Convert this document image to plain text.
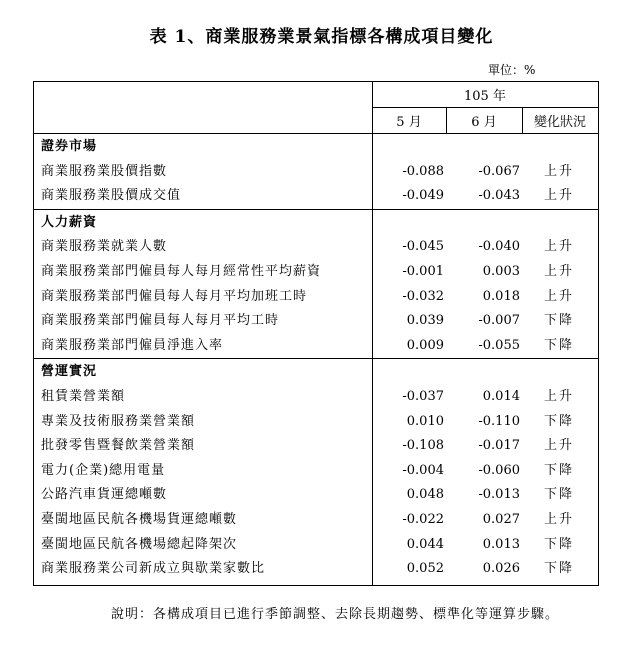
表 1、商業服務業景氣指標各構成項目變化
單位：%
105 年
5 月	6 月	變化狀況
證券市場
商業服務業股價指數	-0.088	-0.067	上升
商業服務業股價成交值	-0.049	-0.043	上升
人力薪資
商業服務業就業人數	-0.045	-0.040	上升
商業服務業部門僱員每人每月經常性平均薪資	-0.001	0.003	上升
商業服務業部門僱員每人每月平均加班工時	-0.032	0.018	上升
商業服務業部門僱員每人每月平均工時	0.039	-0.007	下降
商業服務業部門僱員淨進入率	0.009	-0.055	下降
營運實況
租賃業營業額	-0.037	0.014	上升
專業及技術服務業營業額	0.010	-0.110	下降
批發零售暨餐飲業營業額	-0.108	-0.017	上升
電力(企業)總用電量	-0.004	-0.060	下降
公路汽車貨運總噸數	0.048	-0.013	下降
臺閩地區民航各機場貨運總噸數	-0.022	0.027	上升
臺閩地區民航各機場總起降架次	0.044	0.013	下降
商業服務業公司新成立與歇業家數比	0.052	0.026	下降
說明：各構成項目已進行季節調整、去除長期趨勢、標準化等運算步驟。
